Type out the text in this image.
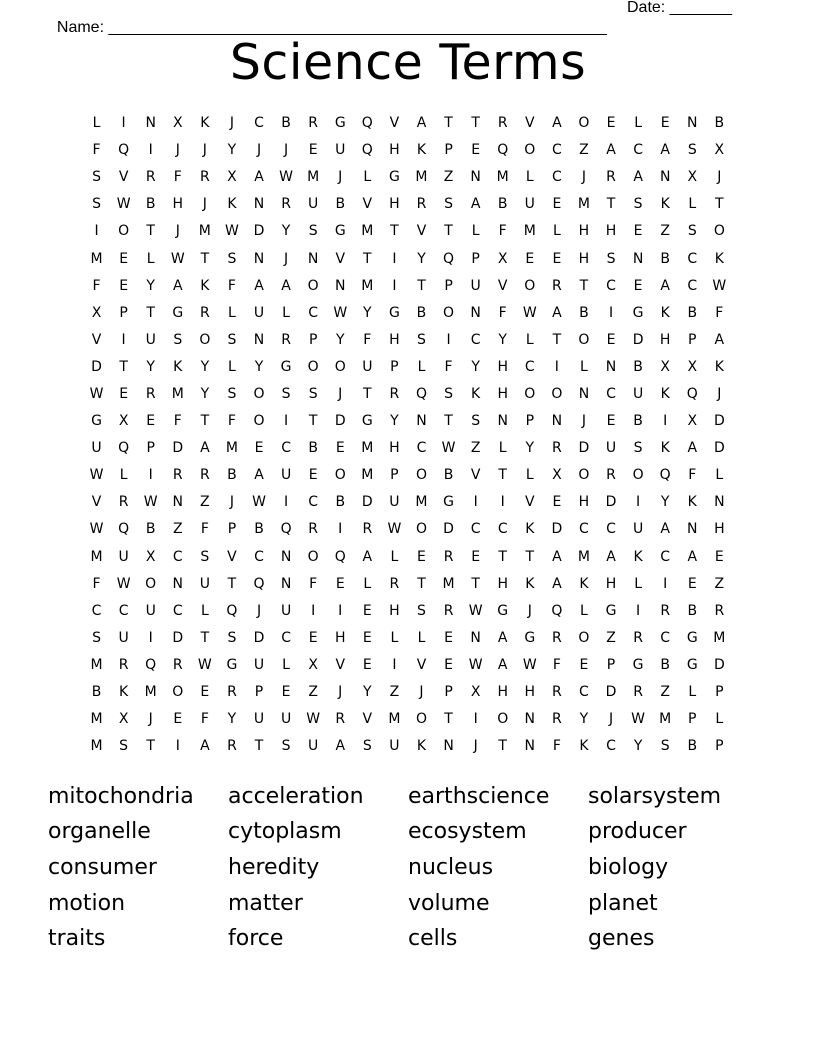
Name: ________________________________________________________

Date: _______

Science Terms
L	I	N	X	K	J	C	B	R	G	Q	V	A	T	T	R	V	A	O	E	L	E	N	B
F	Q	I	J	J	Y	J	J	E	U	Q	H	K	P	E	Q	O	C	Z	A	C	A	S	X
S	V	R	F	R	X	A	W	M	J	L	G	M	Z	N	M	L	C	J	R	A	N	X	J
S	W	B	H	J	K	N	R	U	B	V	H	R	S	A	B	U	E	M	T	S	K	L	T
I	O	T	J	M	W	D	Y	S	G	M	T	V	T	L	F	M	L	H	H	E	Z	S	O
M	E	L	W	T	S	N	J	N	V	T	I	Y	Q	P	X	E	E	H	S	N	B	C	K
F	E	Y	A	K	F	A	A	O	N	M	I	T	P	U	V	O	R	T	C	E	A	C	W
X	P	T	G	R	L	U	L	C	W	Y	G	B	O	N	F	W	A	B	I	G	K	B	F
V	I	U	S	O	S	N	R	P	Y	F	H	S	I	C	Y	L	T	O	E	D	H	P	A
D	T	Y	K	Y	L	Y	G	O	O	U	P	L	F	Y	H	C	I	L	N	B	X	X	K
W	E	R	M	Y	S	O	S	S	J	T	R	Q	S	K	H	O	O	N	C	U	K	Q	J
G	X	E	F	T	F	O	I	T	D	G	Y	N	T	S	N	P	N	J	E	B	I	X	D
U	Q	P	D	A	M	E	C	B	E	M	H	C	W	Z	L	Y	R	D	U	S	K	A	D
W	L	I	R	R	B	A	U	E	O	M	P	O	B	V	T	L	X	O	R	O	Q	F	L
V	R	W	N	Z	J	W	I	C	B	D	U	M	G	I	I	V	E	H	D	I	Y	K	N
W	Q	B	Z	F	P	B	Q	R	I	R	W	O	D	C	C	K	D	C	C	U	A	N	H
M	U	X	C	S	V	C	N	O	Q	A	L	E	R	E	T	T	A	M	A	K	C	A	E
F	W	O	N	U	T	Q	N	F	E	L	R	T	M	T	H	K	A	K	H	L	I	E	Z
C	C	U	C	L	Q	J	U	I	I	E	H	S	R	W	G	J	Q	L	G	I	R	B	R
S	U	I	D	T	S	D	C	E	H	E	L	L	E	N	A	G	R	O	Z	R	C	G	M
M	R	Q	R	W	G	U	L	X	V	E	I	V	E	W	A	W	F	E	P	G	B	G	D
B	K	M	O	E	R	P	E	Z	J	Y	Z	J	P	X	H	H	R	C	D	R	Z	L	P
M	X	J	E	F	Y	U	U	W	R	V	M	O	T	I	O	N	R	Y	J	W	M	P	L
M	S	T	I	A	R	T	S	U	A	S	U	K	N	J	T	N	F	K	C	Y	S	B	P
mitochondria	acceleration	earthscience	solarsystem
organelle	cytoplasm	ecosystem	producer
consumer	heredity	nucleus	biology
motion	matter	volume	planet
traits	force	cells	genes
